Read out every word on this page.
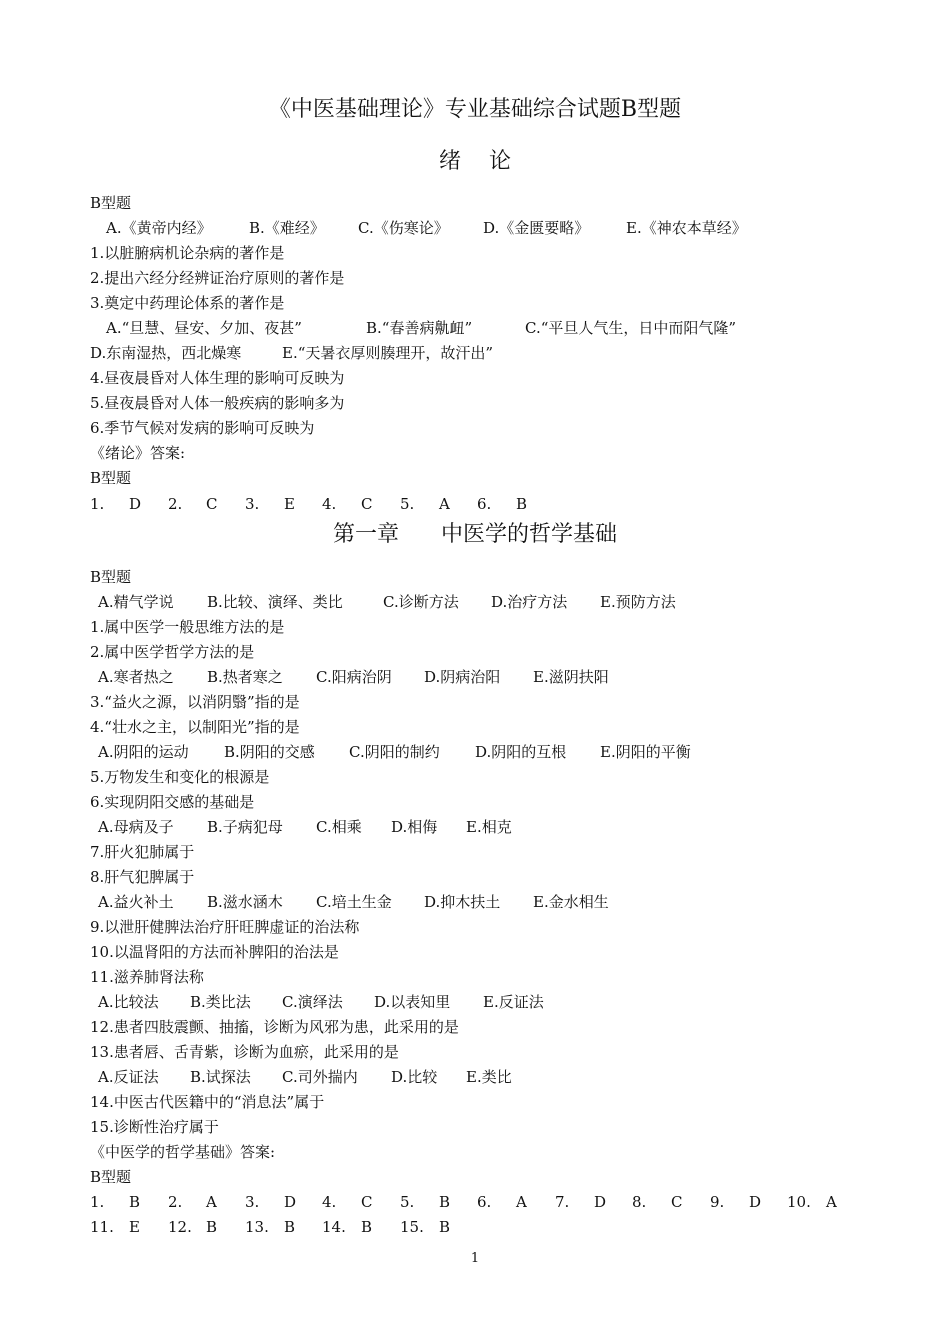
《中医基础理论》专业基础综合试题B型题
绪    论
B型题
A.《黄帝内经》 B.《难经》 C.《伤寒论》 D.《金匮要略》 E.《神农本草经》
1.以脏腑病机论杂病的著作是
2.提出六经分经辨证治疗原则的著作是
3.奠定中药理论体系的著作是
A.“旦慧、昼安、夕加、夜甚”	B.“春善病鼽衄”	C.“平旦人气生，日中而阳气隆”
D.东南湿热，西北燥寒	E.“天暑衣厚则腠理开，故汗出”
4.昼夜晨昏对人体生理的影响可反映为
5.昼夜晨昏对人体一般疾病的影响多为
6.季节气候对发病的影响可反映为
《绪论》答案:
B型题
1. D 2. C 3. E 4. C 5. A 6. B
第一章      中医学的哲学基础
B型题
A.精气学说 B.比较、演绎、类比	C.诊断方法 D.治疗方法 E.预防方法
1.属中医学一般思维方法的是
2.属中医学哲学方法的是
A.寒者热之 B.热者寒之 C.阳病治阴 D.阴病治阳 E.滋阴扶阳
3.“益火之源，以消阴翳”指的是
4.“壮水之主，以制阳光”指的是
A.阴阳的运动 B.阴阳的交感 C.阴阳的制约 D.阴阳的互根 E.阴阳的平衡
5.万物发生和变化的根源是
6.实现阴阳交感的基础是
A.母病及子 B.子病犯母 C.相乘 D.相侮 E.相克
7.肝火犯肺属于
8.肝气犯脾属于
A.益火补土 B.滋水涵木 C.培土生金 D.抑木扶土 E.金水相生
9.以泄肝健脾法治疗肝旺脾虚证的治法称
10.以温肾阳的方法而补脾阳的治法是
11.滋养肺肾法称
A.比较法 B.类比法 C.演绎法 D.以表知里 E.反证法
12.患者四肢震颤、抽搐，诊断为风邪为患，此采用的是
13.患者唇、舌青紫，诊断为血瘀，此采用的是
A.反证法 B.试探法 C.司外揣内 D.比较 E.类比
14.中医古代医籍中的“消息法”属于
15.诊断性治疗属于
《中医学的哲学基础》答案:
B型题
1. B 2. A 3. D 4. C 5. B 6. A 7. D 8. C 9. D 10. A
11. E 12. B 13. B 14. B 15. B
1
